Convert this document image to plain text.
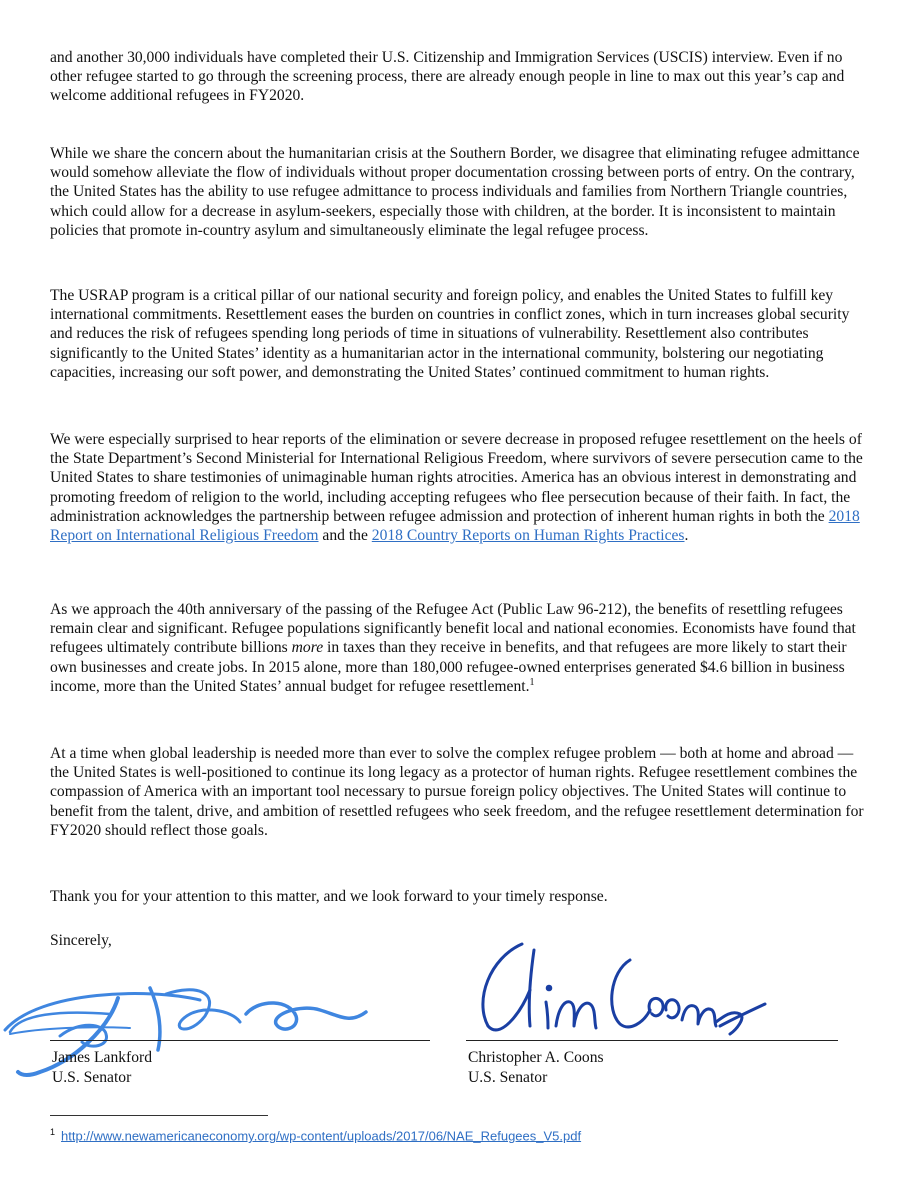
and another 30,000 individuals have completed their U.S. Citizenship and Immigration Services (USCIS) interview. Even if no other refugee started to go through the screening process, there are already enough people in line to max out this year’s cap and welcome additional refugees in FY2020.

While we share the concern about the humanitarian crisis at the Southern Border, we disagree that eliminating refugee admittance would somehow alleviate the flow of individuals without proper documentation crossing between ports of entry. On the contrary, the United States has the ability to use refugee admittance to process individuals and families from Northern Triangle countries, which could allow for a decrease in asylum-seekers, especially those with children, at the border. It is inconsistent to maintain policies that promote in-country asylum and simultaneously eliminate the legal refugee process.

The USRAP program is a critical pillar of our national security and foreign policy, and enables the United States to fulfill key international commitments. Resettlement eases the burden on countries in conflict zones, which in turn increases global security and reduces the risk of refugees spending long periods of time in situations of vulnerability. Resettlement also contributes significantly to the United States’ identity as a humanitarian actor in the international community, bolstering our negotiating capacities, increasing our soft power, and demonstrating the United States’ continued commitment to human rights.

We were especially surprised to hear reports of the elimination or severe decrease in proposed refugee resettlement on the heels of the State Department’s Second Ministerial for International Religious Freedom, where survivors of severe persecution came to the United States to share testimonies of unimaginable human rights atrocities. America has an obvious interest in demonstrating and promoting freedom of religion to the world, including accepting refugees who flee persecution because of their faith. In fact, the administration acknowledges the partnership between refugee admission and protection of inherent human rights in both the 2018 Report on International Religious Freedom and the 2018 Country Reports on Human Rights Practices.

As we approach the 40th anniversary of the passing of the Refugee Act (Public Law 96-212), the benefits of resettling refugees remain clear and significant. Refugee populations significantly benefit local and national economies. Economists have found that refugees ultimately contribute billions more in taxes than they receive in benefits, and that refugees are more likely to start their own businesses and create jobs. In 2015 alone, more than 180,000 refugee-owned enterprises generated $4.6 billion in business income, more than the United States’ annual budget for refugee resettlement.$^1$

At a time when global leadership is needed more than ever to solve the complex refugee problem — both at home and abroad — the United States is well-positioned to continue its long legacy as a protector of human rights. Refugee resettlement combines the compassion of America with an important tool necessary to pursue foreign policy objectives. The United States will continue to benefit from the talent, drive, and ambition of resettled refugees who seek freedom, and the refugee resettlement determination for FY2020 should reflect those goals.

Thank you for your attention to this matter, and we look forward to your timely response.

Sincerely,

James Lankford
U.S. Senator
Christopher A. Coons
U.S. Senator
$^1$ http://www.newamericaneconomy.org/wp-content/uploads/2017/06/NAE_Refugees_V5.pdf
